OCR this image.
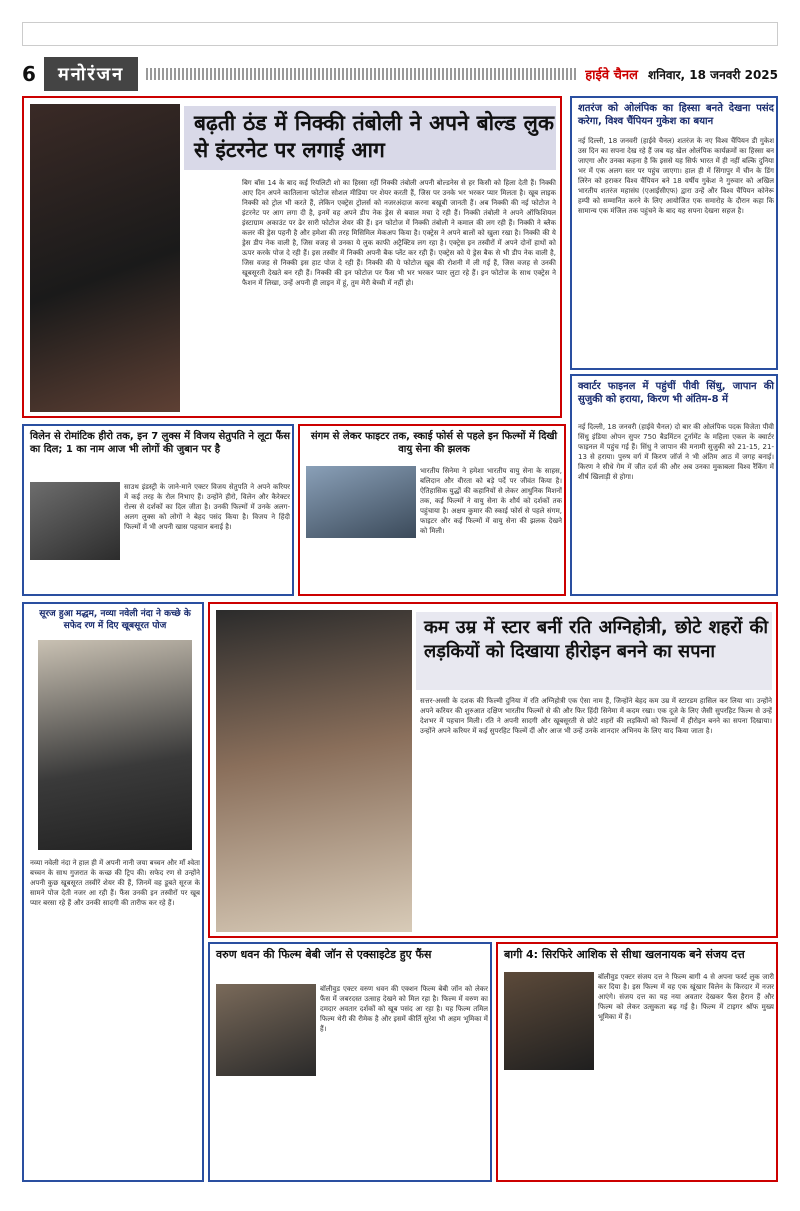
6	मनोरंजन	हाईवे चैनल शनिवार, 18 जनवरी 2025
बढ़ती ठंड में निक्की तंबोली ने अपने बोल्ड लुक से इंटरनेट पर लगाई आग
बिग बॉस 14 के बाद कई रियलिटी शो का हिस्सा रहीं निक्की तंबोली अपनी बोल्डनेस से हर किसी को हिला देती हैं। निक्की आए दिन अपने कातिलाना फोटोज सोशल मीडिया पर शेयर करती हैं, जिस पर उनके भर भरकर प्यार मिलता है। खूब लाइक निक्की को ट्रोल भी करते हैं, लेकिन एक्ट्रेस ट्रोलर्स को नजरअंदाज करना बखूबी जानती हैं। अब निक्की की नई फोटोज ने इंटरनेट पर आग लगा दी है, इनमें वह अपने डीप नेक ड्रेस से बवाल मचा दे रही हैं। निक्की तंबोली ने अपने ऑफिशियल इंस्टाग्राम अकाउंट पर ढेर सारी फोटोज शेयर की हैं। इन फोटोज में निक्की तंबोली ने कमाल की लग रही हैं। निक्की ने ब्लैक कलर की ड्रेस पहनी है और हमेशा की तरह मिसिमिल मेकअप किया है। एक्ट्रेस ने अपने बालों को खुला रखा है। निक्की की ये ड्रेस डीप नेक वाली है, जिस वजह से उनका ये लुक काफी अट्रैक्टिव लग रहा है। एक्ट्रेस इन तस्वीरों में अपने दोनों हाथों को ऊपर करके पोज दे रही हैं। इस तस्वीर में निक्की अपनी बैक प्लेंट कर रही हैं। एक्ट्रेस को ये ड्रेस बैक से भी डीप नेक वाली है, जिस वजह से निक्की इस हाट पोज दे रही हैं। निक्की की ये फोटोज खूब की रोशनी में ली गई हैं, जिस वजह से उनकी खूबसूरती देखते बन रही हैं। निक्की की इन फोटोज पर फैंस भी भर भरकर प्यार लुटा रहे हैं। इन फोटोज के साथ एक्ट्रेस ने फैशन में लिखा, उन्हें अपनी ही लाइन में हूं, तुम मेरी बेच्ची में नहीं हो।
शतरंज को ओलंपिक का हिस्सा बनते देखना पसंद करेगा, विश्व चैंपियन गुकेश का बयान
नई दिल्ली, 18 जनवरी (हाईवे चैनल) शतरंज के नए विश्व चैंपियन डी गुकेश उस दिन का सपना देख रहे हैं जब यह खेल ओलंपिक कार्यक्रमों का हिस्सा बन जाएगा और उनका कहना है कि इससे यह सिर्फ भारत में ही नहीं बल्कि दुनिया भर में एक अलग स्तर पर पहुंच जाएगा। हाल ही में सिंगापुर में चीन के डिंग लिरेन को हराकर विश्व चैंपियन बने 18 वर्षीय गुकेश ने गुरुवार को अखिल भारतीय शतरंज महासंघ (एआईसीएफ) द्वारा उन्हें और विश्व चैंपियन कोनेरू हम्पी को सम्मानित करने के लिए आयोजित एक समारोह के दौरान कहा कि सामान्य एक मंजिल तक पहुंचने के बाद यह सपना देखना सहज है।
क्वार्टर फाइनल में पहुंचीं पीवी सिंधु, जापान की सुजुकी को हराया, किरण भी अंतिम-8 में
नई दिल्ली, 18 जनवरी (हाईवे चैनल) दो बार की ओलंपिक पदक विजेता पीवी सिंधु इंडिया ओपन सुपर 750 बैडमिंटन टूर्नामेंट के महिला एकल के क्वार्टर फाइनल में पहुंच गई हैं। सिंधु ने जापान की मनामी सुजुकी को 21-15, 21-13 से हराया। पुरुष वर्ग में किरण जॉर्ज ने भी अंतिम आठ में जगह बनाई। किरण ने सीधे गेम में जीत दर्ज की और अब उनका मुकाबला विश्व रैंकिंग में शीर्ष खिलाड़ी से होगा।
विलेन से रोमांटिक हीरो तक, इन 7 लुक्स में विजय सेतुपति ने लूटा फैंस का दिल; 1 का नाम आज भी लोगों की जुबान पर है
साउथ इंडस्ट्री के जाने-माने एक्टर विजय सेतुपति ने अपने करियर में कई तरह के रोल निभाए हैं। उन्होंने हीरो, विलेन और कैरेक्टर रोल्स से दर्शकों का दिल जीता है। उनकी फिल्मों में उनके अलग-अलग लुक्स को लोगों ने बेहद पसंद किया है। विजय ने हिंदी फिल्मों में भी अपनी खास पहचान बनाई है।
संगम से लेकर फाइटर तक, स्काई फोर्स से पहले इन फिल्मों में दिखी वायु सेना की झलक
भारतीय सिनेमा ने हमेशा भारतीय वायु सेना के साहस, बलिदान और वीरता को बड़े पर्दे पर जीवंत किया है। ऐतिहासिक युद्धों की कहानियों से लेकर आधुनिक मिशनों तक, कई फिल्मों ने वायु सेना के शौर्य को दर्शकों तक पहुंचाया है। अक्षय कुमार की स्काई फोर्स से पहले संगम, फाइटर और कई फिल्मों में वायु सेना की झलक देखने को मिली।
सूरज हुआ मद्धम, नव्या नवेली नंदा ने कच्छे के सफेद रण में दिए खूबसूरत पोज
नव्या नवेली नंदा ने हाल ही में अपनी नानी जया बच्चन और माँ श्वेता बच्चन के साथ गुजरात के कच्छ की ट्रिप की। सफेद रण से उन्होंने अपनी कुछ खूबसूरत तस्वीरें शेयर की हैं, जिनमें वह डूबते सूरज के सामने पोज देती नजर आ रही हैं। फैंस उनकी इन तस्वीरों पर खूब प्यार बरसा रहे हैं और उनकी सादगी की तारीफ कर रहे हैं।
कम उम्र में स्टार बनीं रति अग्निहोत्री, छोटे शहरों की लड़कियों को दिखाया हीरोइन बनने का सपना
सत्तर-अस्सी के दशक की फिल्मी दुनिया में रति अग्निहोत्री एक ऐसा नाम हैं, जिन्होंने बेहद कम उम्र में स्टारडम हासिल कर लिया था। उन्होंने अपने करियर की शुरुआत दक्षिण भारतीय फिल्मों से की और फिर हिंदी सिनेमा में कदम रखा। एक दूजे के लिए जैसी सुपरहिट फिल्म से उन्हें देशभर में पहचान मिली। रति ने अपनी सादगी और खूबसूरती से छोटे शहरों की लड़कियों को फिल्मों में हीरोइन बनने का सपना दिखाया। उन्होंने अपने करियर में कई सुपरहिट फिल्में दीं और आज भी उन्हें उनके शानदार अभिनय के लिए याद किया जाता है।
वरुण धवन की फिल्म बेबी जॉन से एक्साइटेड हुए फैंस
बॉलीवुड एक्टर वरुण धवन की एक्शन फिल्म बेबी जॉन को लेकर फैंस में जबरदस्त उत्साह देखने को मिल रहा है। फिल्म में वरुण का दमदार अवतार दर्शकों को खूब पसंद आ रहा है। यह फिल्म तमिल फिल्म थेरी की रीमेक है और इसमें कीर्ति सुरेश भी अहम भूमिका में हैं।
बागी 4: सिरफिरे आशिक से सीधा खलनायक बने संजय दत्त
बॉलीवुड एक्टर संजय दत्त ने फिल्म बागी 4 से अपना फर्स्ट लुक जारी कर दिया है। इस फिल्म में वह एक खूंखार विलेन के किरदार में नजर आएंगे। संजय दत्त का यह नया अवतार देखकर फैंस हैरान हैं और फिल्म को लेकर उत्सुकता बढ़ गई है। फिल्म में टाइगर श्रॉफ मुख्य भूमिका में हैं।
